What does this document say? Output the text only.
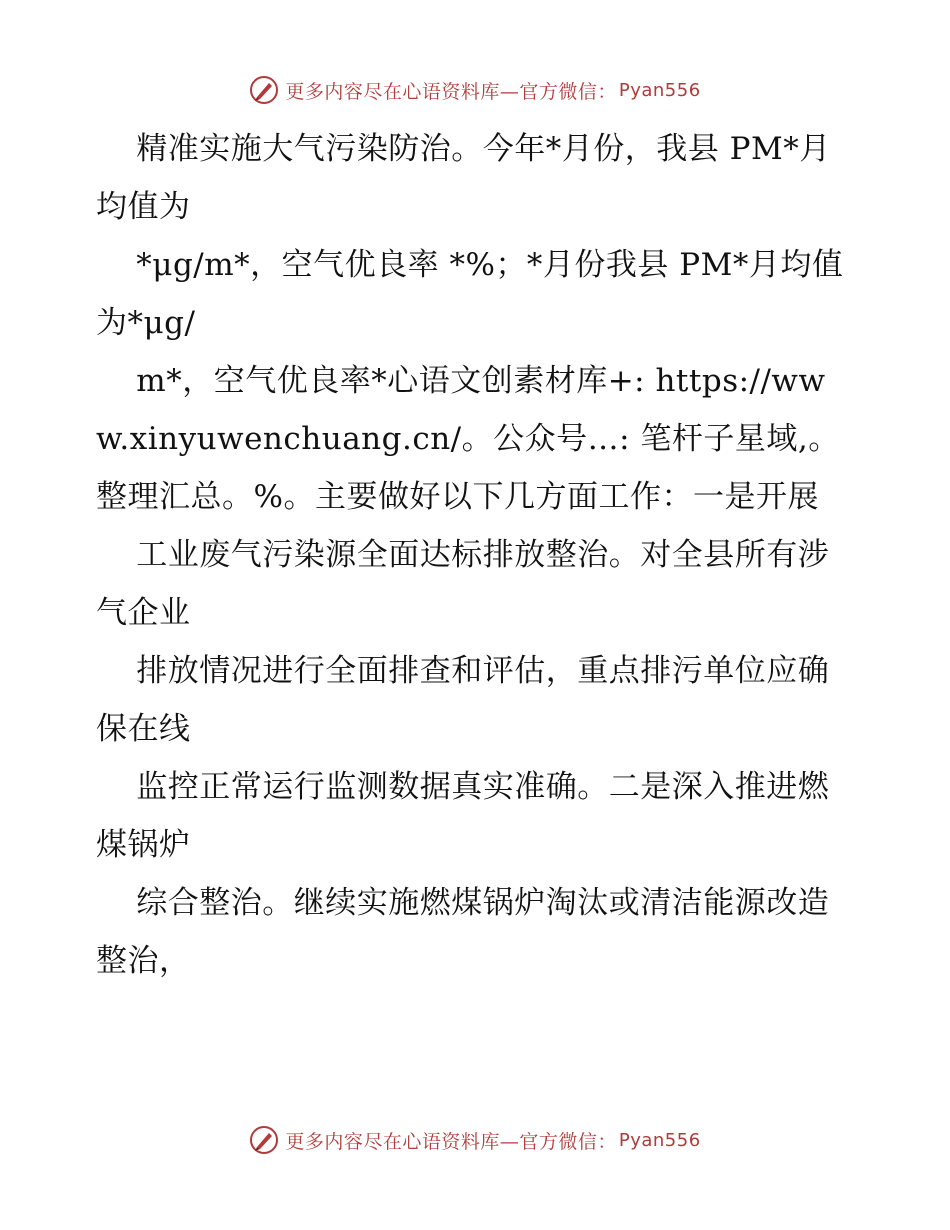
更多内容尽在心语资料库—官方微信： Pyan556

精准实施大气污染防治。今年*月份，我县 PM*月均值为

*μg/m*，空气优良率 *%；*月份我县 PM*月均值为*μg/

m*，空气优良率*心语文创素材库+: https://www.xinyuwenchuang.cn/。公众号…: 笔杆子星域,。整理汇总。%。主要做好以下几方面工作：一是开展

工业废气污染源全面达标排放整治。对全县所有涉气企业

排放情况进行全面排查和评估，重点排污单位应确保在线

监控正常运行监测数据真实准确。二是深入推进燃煤锅炉

综合整治。继续实施燃煤锅炉淘汰或清洁能源改造整治，

更多内容尽在心语资料库—官方微信： Pyan556
